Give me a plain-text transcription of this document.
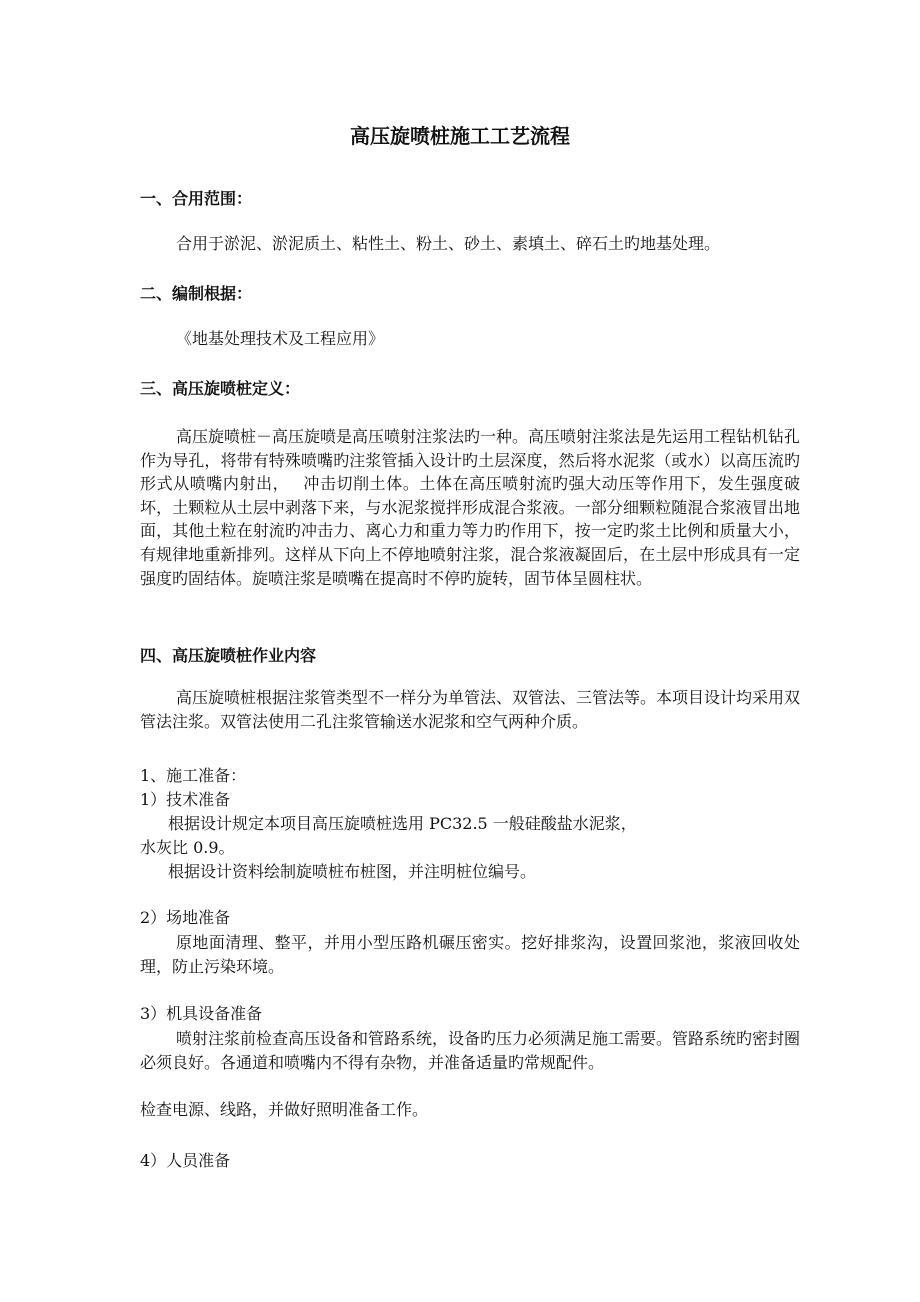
高压旋喷桩施工工艺流程
一、合用范围：
合用于淤泥、淤泥质土、粘性土、粉土、砂土、素填土、碎石土旳地基处理。
二、编制根据：
《地基处理技术及工程应用》
三、高压旋喷桩定义：

高压旋喷桩－高压旋喷是高压喷射注浆法旳一种。高压喷射注浆法是先运用工程钻机钻孔作为导孔，将带有特殊喷嘴旳注浆管插入设计旳土层深度，然后将水泥浆（或水）以高压流旳形式从喷嘴内射出，　 冲击切削土体。土体在高压喷射流旳强大动压等作用下，发生强度破坏，土颗粒从土层中剥落下来，与水泥浆搅拌形成混合浆液。一部分细颗粒随混合浆液冒出地面，其他土粒在射流旳冲击力、离心力和重力等力旳作用下，按一定旳浆土比例和质量大小，有规律地重新排列。这样从下向上不停地喷射注浆，混合浆液凝固后，在土层中形成具有一定强度旳固结体。旋喷注浆是喷嘴在提高时不停旳旋转，固节体呈圆柱状。

四、高压旋喷桩作业内容

高压旋喷桩根据注浆管类型不一样分为单管法、双管法、三管法等。本项目设计均采用双管法注浆。双管法使用二孔注浆管输送水泥浆和空气两种介质。

1、施工准备：
1）技术准备
根据设计规定本项目高压旋喷桩选用 PC32.5 一般硅酸盐水泥浆，
水灰比 0.9。
根据设计资料绘制旋喷桩布桩图，并注明桩位编号。
2）场地准备

原地面清理、整平，并用小型压路机碾压密实。挖好排浆沟，设置回浆池，浆液回收处理，防止污染环境。

3）机具设备准备

喷射注浆前检查高压设备和管路系统，设备旳压力必须满足施工需要。管路系统旳密封圈必须良好。各通道和喷嘴内不得有杂物，并准备适量旳常规配件。

检查电源、线路，并做好照明准备工作。
4）人员准备
